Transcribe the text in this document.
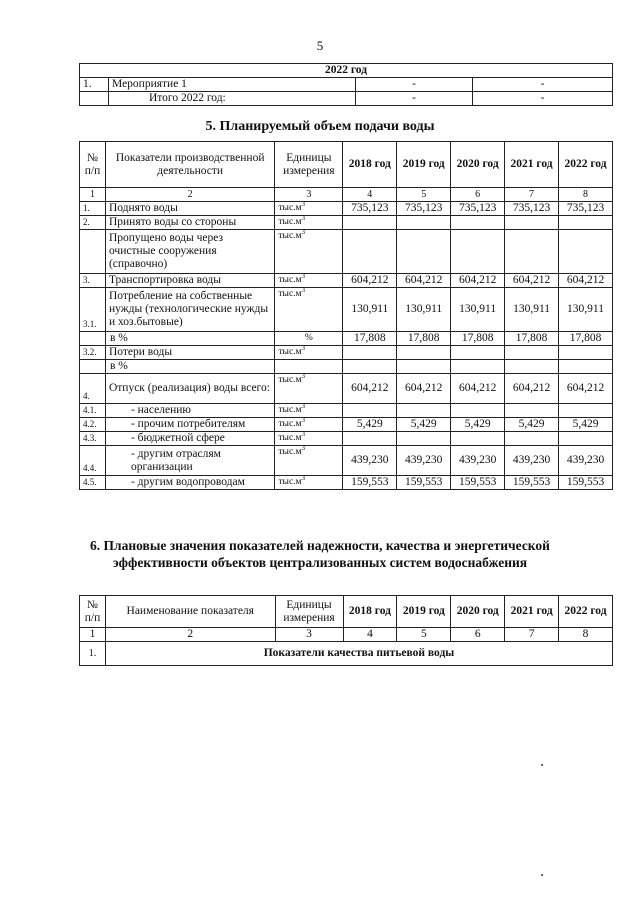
5
2022 год			
1.	Мероприятие 1	-	-
	Итого 2022 год:	-	-
5. Планируемый объем подачи воды
№ п/п	Показатели производственной деятельности	Единицы измерения	2018 год	2019 год	2020 год	2021 год	2022 год
1	2	3	4	5	6	7	8
1.	Поднято воды	$тыс.м^3$	735,123	735,123	735,123	735,123	735,123
2.	Принято воды со стороны	$тыс.м^3$					
	Пропущено воды через очистные сооружения (справочно)	$тыс.м^3$					
3.	Транспортировка воды	$тыс.м^3$	604,212	604,212	604,212	604,212	604,212
3.1.	Потребление на собственные нужды (технологические нужды и хоз.бытовые)	$тыс.м^3$	130,911	130,911	130,911	130,911	130,911
	в %	%	17,808	17,808	17,808	17,808	17,808
3.2.	Потери воды	$тыс.м^3$					
	в %						
4.	Отпуск (реализация) воды всего:	$тыс.м^3$	604,212	604,212	604,212	604,212	604,212
4.1.	- населению	$тыс.м^3$					
4.2.	- прочим потребителям	$тыс.м^3$	5,429	5,429	5,429	5,429	5,429
4.3.	- бюджетной сфере	$тыс.м^3$					
4.4.	- другим отраслям организации	$тыс.м^3$	439,230	439,230	439,230	439,230	439,230
4.5.	- другим водопроводам	$тыс.м^3$	159,553	159,553	159,553	159,553	159,553
6. Плановые значения показателей надежности, качества и энергетической эффективности объектов централизованных систем водоснабжения
№ п/п	Наименование показателя	Единицы измерения	2018 год	2019 год	2020 год	2021 год	2022 год
1	2	3	4	5	6	7	8
1.	Показатели качества питьевой воды						
